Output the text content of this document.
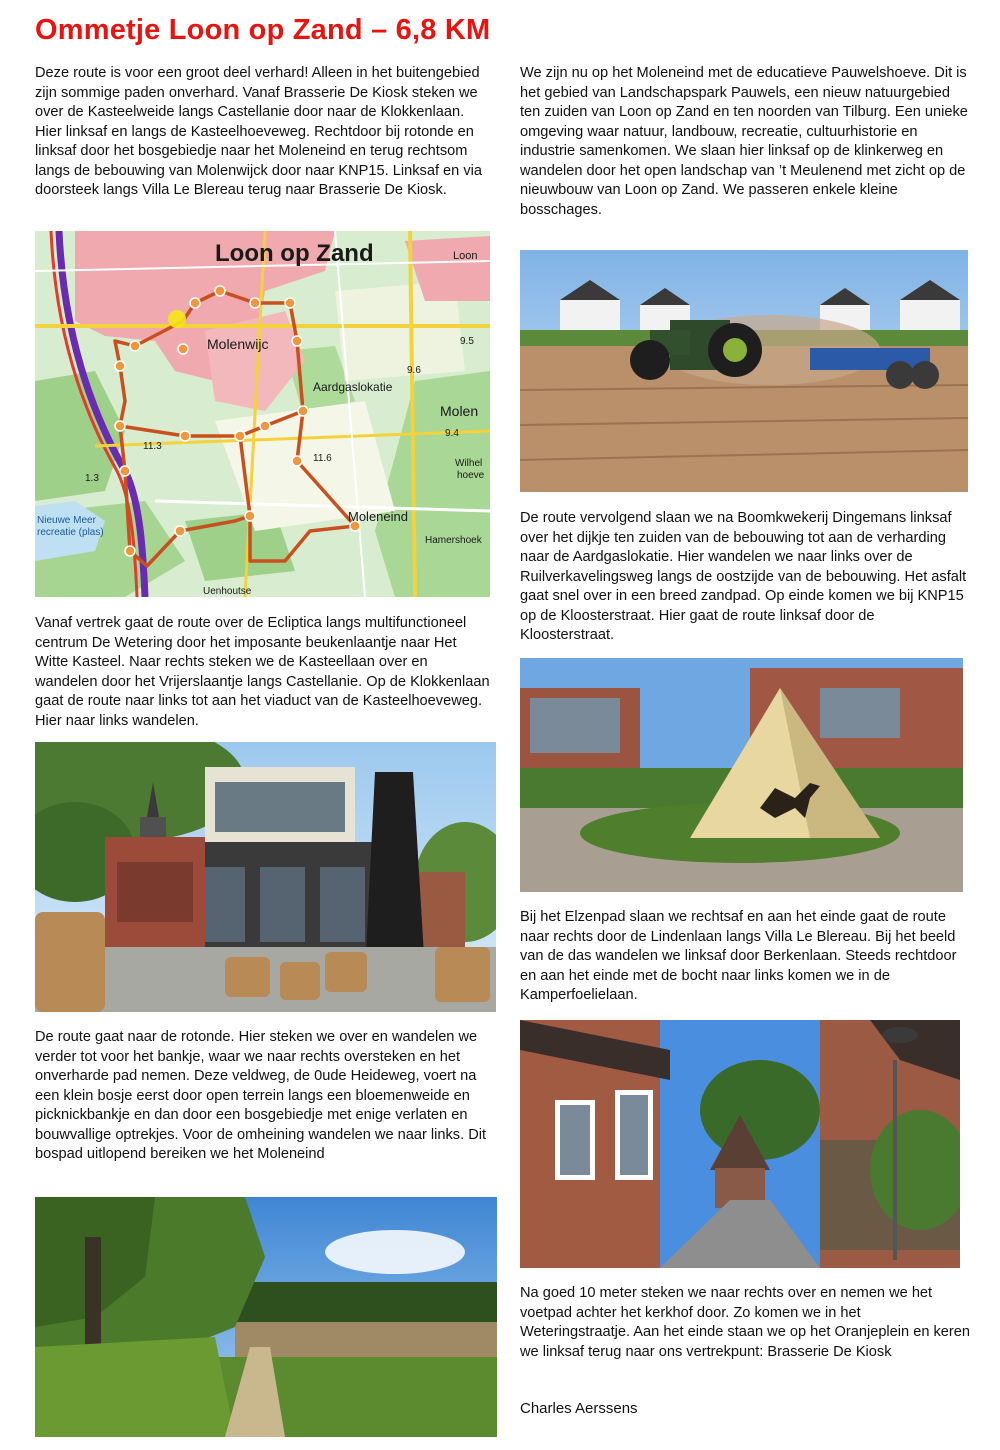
Ommetje Loon op Zand – 6,8 KM

Deze route is voor een groot deel verhard! Alleen in het buitengebied zijn sommige paden onverhard. Vanaf Brasserie De Kiosk steken we over de Kasteelweide langs Castellanie door naar de Klokkenlaan. Hier linksaf en langs de Kasteelhoeveweg. Rechtdoor bij rotonde en linksaf door het bosgebiedje naar het Moleneind en terug rechtsom langs de bebouwing van Molenwijck door naar KNP15. Linksaf en via doorsteek langs Villa Le Blereau terug naar Brasserie De Kiosk.

Loon op Zand
Molenwijc
Aardgaslokatie
Molen
Moleneind
Hamershoek
Uenhoutse
Nieuwe Meer
recreatie (plas)
Loon
Wilhel
hoeve
9.5
9.6
11.3
11.6
9.4
1.3

Vanaf vertrek gaat de route over de Ecliptica langs multifunctioneel centrum De Wetering door het imposante beukenlaantje naar Het Witte Kasteel. Naar rechts steken we de Kasteellaan over en wandelen door het Vrijerslaantje langs Castellanie. Op de Klokkenlaan gaat de route naar links tot aan het viaduct van de Kasteelhoeveweg. Hier naar links wandelen.

De route gaat naar de rotonde. Hier steken we over en wandelen we verder tot voor het bankje, waar we naar rechts oversteken en het onverharde pad nemen. Deze veldweg, de 0ude Heideweg, voert na een klein bosje eerst door open terrein langs een bloemenweide en picknickbankje en dan door een bosgebiedje met enige verlaten en bouwvallige optrekjes. Voor de omheining wandelen we naar links. Dit bospad uitlopend bereiken we het Moleneind

We zijn nu op het Moleneind met de educatieve Pauwelshoeve. Dit is het gebied van Landschapspark Pauwels, een nieuw natuurgebied ten zuiden van Loon op Zand en ten noorden van Tilburg. Een unieke omgeving waar natuur, landbouw, recreatie, cultuurhistorie en industrie samenkomen. We slaan hier linksaf op de klinkerweg en wandelen door het open landschap van ’t Meulenend met zicht op de nieuwbouw van Loon op Zand. We passeren enkele kleine bosschages.

De route vervolgend slaan we na Boomkwekerij Dingemans linksaf over het dijkje ten zuiden van de bebouwing tot aan de verharding naar de Aardgaslokatie. Hier wandelen we naar links over de Ruilverkavelingsweg langs de oostzijde van de bebouwing. Het asfalt gaat snel over in een breed zandpad. Op einde komen we bij KNP15 op de Kloosterstraat. Hier gaat de route linksaf door de Kloosterstraat.

Bij het Elzenpad slaan we rechtsaf en aan het einde gaat de route naar rechts door de Lindenlaan langs Villa Le Blereau. Bij het beeld van de das wandelen we linksaf door Berkenlaan. Steeds rechtdoor en aan het einde met de bocht naar links komen we in de Kamperfoelielaan.

Na goed 10 meter steken we naar rechts over en nemen we het voetpad achter het kerkhof door. Zo komen we in het Weteringstraatje. Aan het einde staan we op het Oranjeplein en keren we linksaf terug naar ons vertrekpunt: Brasserie De Kiosk

Charles Aerssens
